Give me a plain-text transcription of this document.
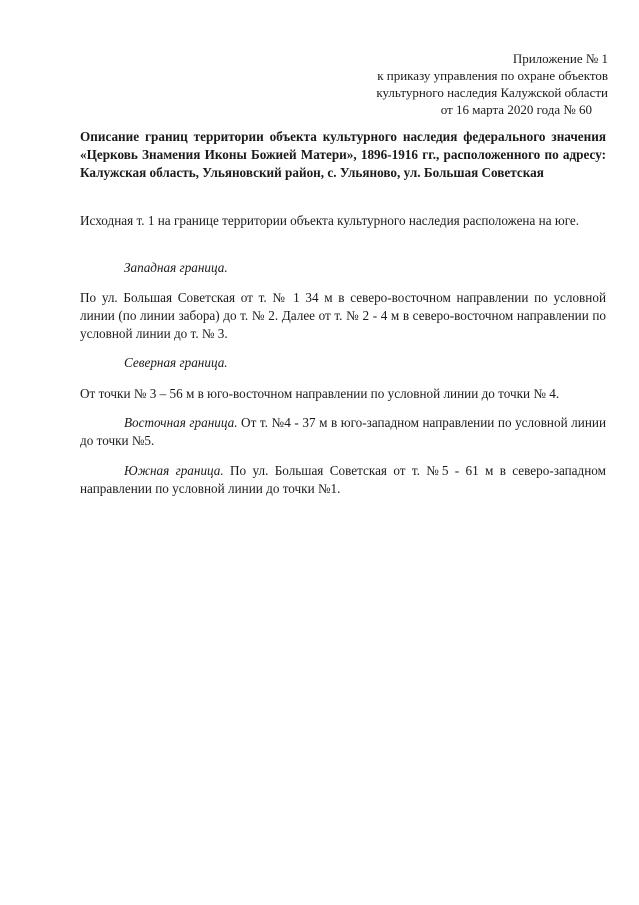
Приложение № 1
к приказу управления по охране объектов
культурного наследия Калужской области
от 16 марта 2020 года № 60
Описание границ территории объекта культурного наследия федерального значения «Церковь Знамения Иконы Божией Матери», 1896-1916 гг., расположенного по адресу: Калужская область, Ульяновский район, с. Ульяново, ул. Большая Советская
Исходная т. 1 на границе территории объекта культурного наследия расположена на юге.
Западная граница.
По ул. Большая Советская от т. № 1 34 м в северо-восточном направлении по условной линии (по линии забора) до т. № 2. Далее от т. № 2 - 4 м в северо-восточном направлении по условной линии до т. № 3.
Северная граница.
От точки № 3 – 56 м в юго-восточном направлении по условной линии до точки № 4.
Восточная граница. От т. №4 - 37 м в юго-западном направлении по условной линии до точки №5.
Южная граница. По ул. Большая Советская от т. №5 - 61 м в северо-западном направлении по условной линии до точки №1.
